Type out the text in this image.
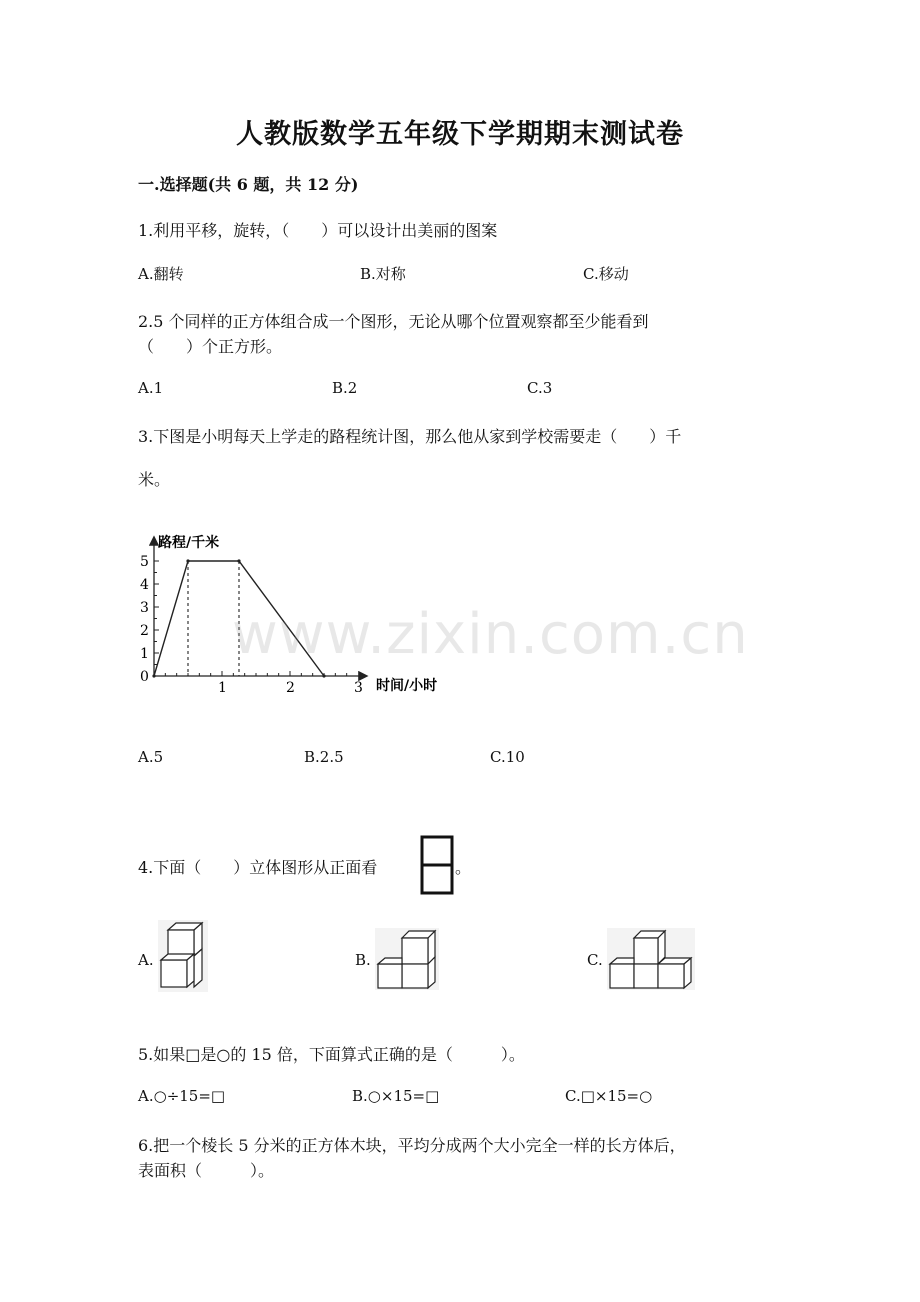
人教版数学五年级下学期期末测试卷
一.选择题(共 6 题，共 12 分)
1.利用平移，旋转，（　　）可以设计出美丽的图案
A.翻转	B.对称	C.移动
2.5 个同样的正方体组合成一个图形，无论从哪个位置观察都至少能看到
（　　）个正方形。
A.1	B.2	C.3
3.下图是小明每天上学走的路程统计图，那么他从家到学校需要走（　　）千
米。
0
1
2
3
4
5
1	2	3
路程/千米
时间/小时
www.zixin.com.cn
A.5	B.2.5	C.10
4.下面（　　）立体图形从正面看	。
A.	B.	C.
5.如果□是○的 15 倍，下面算式正确的是（　　　）。
A.○÷15=□	B.○×15=□	C.□×15=○
6.把一个棱长 5 分米的正方体木块，平均分成两个大小完全一样的长方体后，
表面积（　　　）。
